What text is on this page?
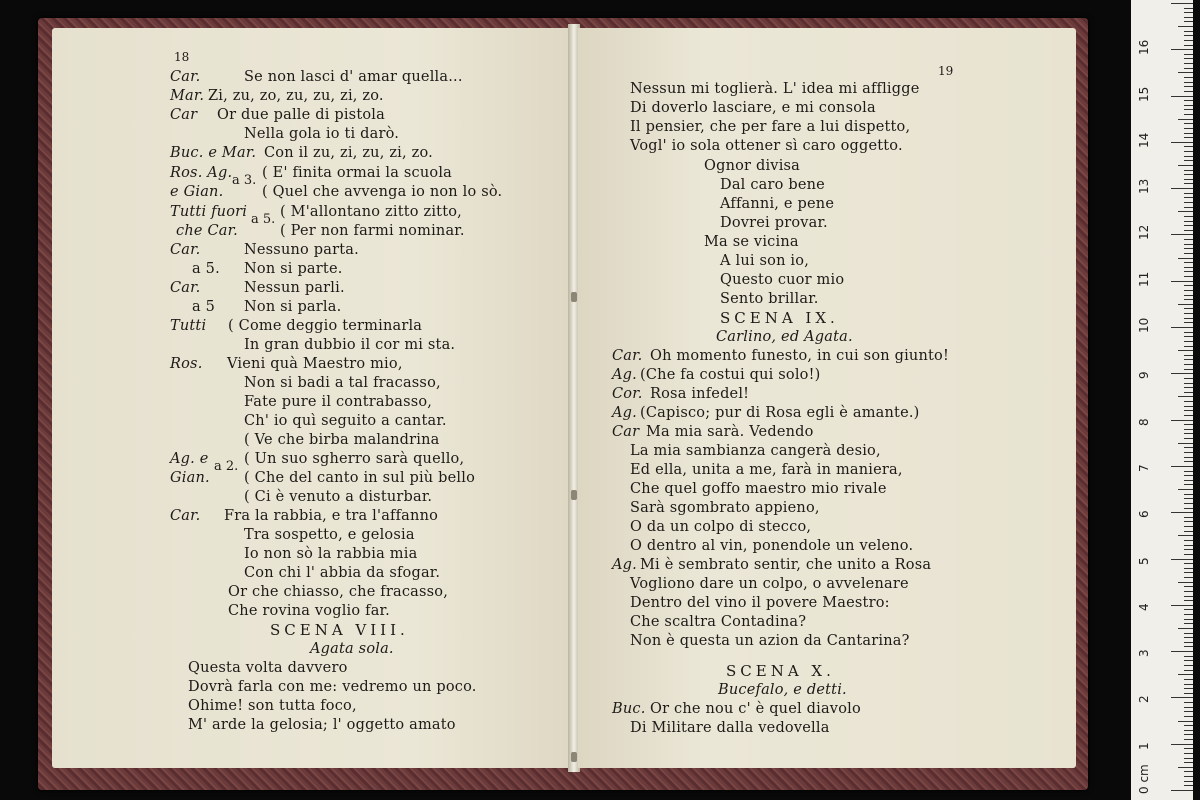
18
Car.	Se non lasci d' amar quella...
Mar. Zi, zu, zo, zu, zu, zi, zo.
Car Or due palle di pistola
Nella gola io ti darò.
Buc. e Mar. Con il zu, zi, zu, zi, zo.
Ros. Ag. a 3. ( E' finita ormai la scuola
e Gian.	( Quel che avvenga io non lo sò.
Tutti fuori a 5. ( M'allontano zitto zitto,
che Car.	( Per non farmi nominar.
Car.	Nessuno parta.
a 5. Non si parte.
Car.	Nessun parli.
a 5 Non si parla.
Tutti ( Come deggio terminarla
In gran dubbio il cor mi sta.
Ros. Vieni quà Maestro mio,
Non si badi a tal fracasso,
Fate pure il contrabasso,
Ch' io quì seguito a cantar.
( Ve che birba malandrina
Ag. e a 2. ( Un suo sgherro sarà quello,
Gian. ( Che del canto in sul più bello
( Ci è venuto a disturbar.
Car. Fra la rabbia, e tra l'affanno
Tra sospetto, e gelosia
Io non sò la rabbia mia
Con chi l' abbia da sfogar.
Or che chiasso, che fracasso,
Che rovina voglio far.
SCENA VIII.
Agata sola.
Questa volta davvero
Dovrà farla con me: vedremo un poco.
Ohime! son tutta foco,
M' arde la gelosia; l' oggetto amato
19
Nessun mi toglierà. L' idea mi affligge
Di doverlo lasciare, e mi consola
Il pensier, che per fare a lui dispetto,
Vogl' io sola ottener sì caro oggetto.
Ognor divisa
Dal caro bene
Affanni, e pene
Dovrei provar.
Ma se vicina
A lui son io,
Questo cuor mio
Sento brillar.
SCENA IX.
Carlino, ed Agata.
Car. Oh momento funesto, in cui son giunto!
Ag. (Che fa costui qui solo!)
Cor. Rosa infedel!
Ag. (Capisco; pur di Rosa egli è amante.)
Car Ma mia sarà. Vedendo
La mia sambianza cangerà desio,
Ed ella, unita a me, farà in maniera,
Che quel goffo maestro mio rivale
Sarà sgombrato appieno,
O da un colpo di stecco,
O dentro al vin, ponendole un veleno.
Ag. Mi è sembrato sentir, che unito a Rosa
Vogliono dare un colpo, o avvelenare
Dentro del vino il povere Maestro:
Che scaltra Contadina?
Non è questa un azion da Cantarina?
SCENA X.
Bucefalo, e detti.
Buc. Or che nou c' è quel diavolo
Di Militare dalla vedovella
0 cm
1
2
3
4
5
6
7
8
9
10
11
12
13
14
15
16
